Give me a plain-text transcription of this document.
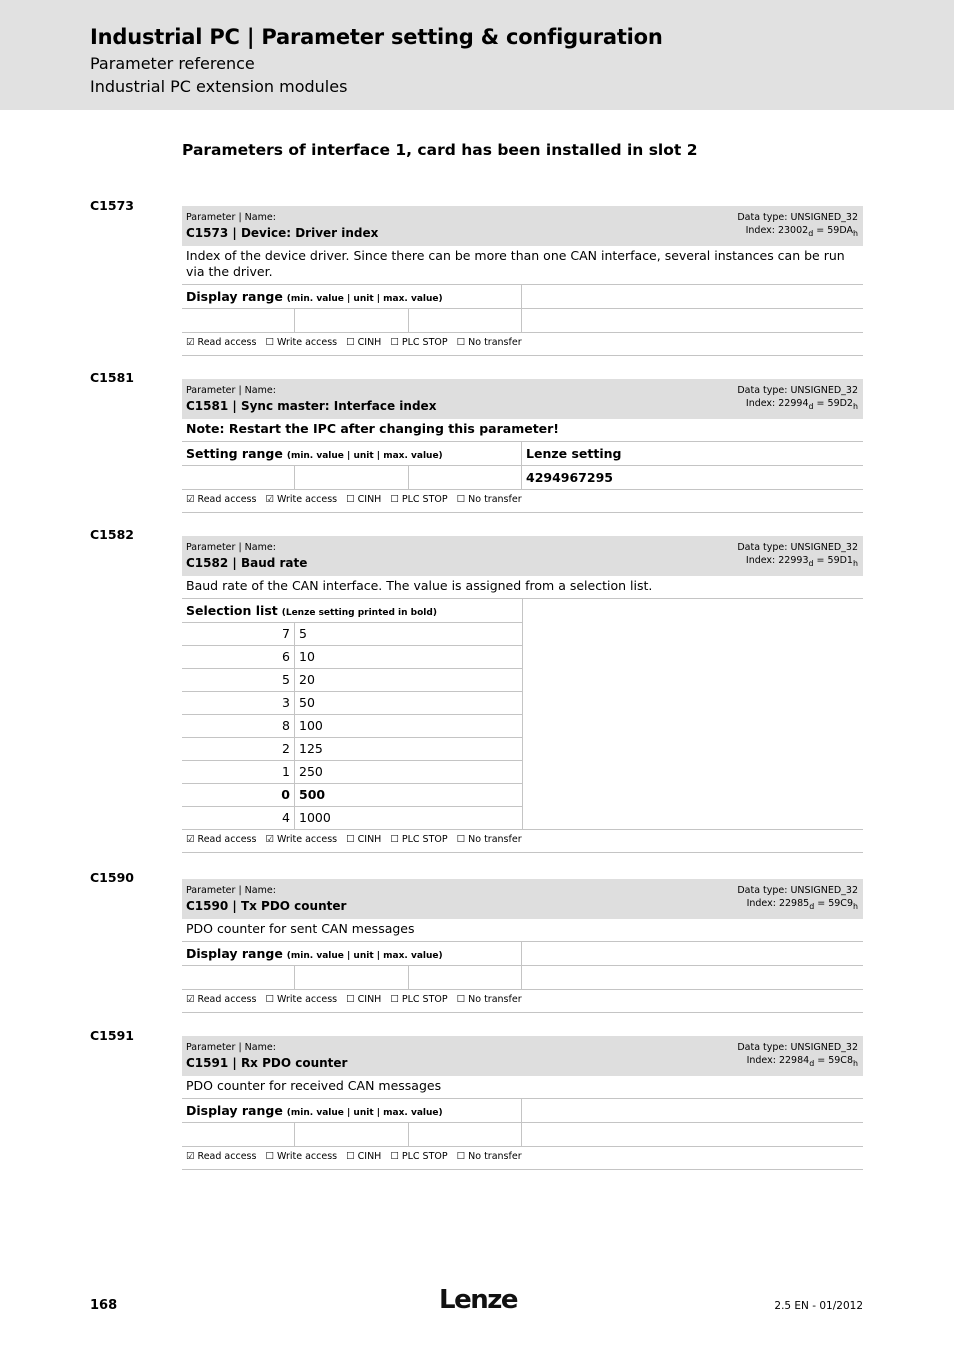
Industrial PC | Parameter setting & configuration
Parameter reference
Industrial PC extension modules
Parameters of interface 1, card has been installed in slot 2
C1573
Parameter | Name:
C1573 | Device: Driver index
Data type: UNSIGNED_32
Index: $23002_d = 59DA_h$
Index of the device driver. Since there can be more than one CAN interface, several instances can be run via the driver.
Display range (min. value | unit | max. value)
☑ Read access ☐ Write access ☐ CINH ☐ PLC STOP ☐ No transfer
C1581
Parameter | Name:
C1581 | Sync master: Interface index
Data type: UNSIGNED_32
Index: $22994_d = 59D2_h$
Note: Restart the IPC after changing this parameter!
Setting range (min. value | unit | max. value)	Lenze setting
4294967295
☑ Read access ☑ Write access ☐ CINH ☐ PLC STOP ☐ No transfer
C1582
Parameter | Name:
C1582 | Baud rate
Data type: UNSIGNED_32
Index: $22993_d = 59D1_h$
Baud rate of the CAN interface. The value is assigned from a selection list.
Selection list (Lenze setting printed in bold)
7 5
6 10
5 20
3 50
8 100
2 125
1 250
0 500
4 1000
☑ Read access ☑ Write access ☐ CINH ☐ PLC STOP ☐ No transfer
C1590
Parameter | Name:
C1590 | Tx PDO counter
Data type: UNSIGNED_32
Index: $22985_d = 59C9_h$
PDO counter for sent CAN messages
Display range (min. value | unit | max. value)
☑ Read access ☐ Write access ☐ CINH ☐ PLC STOP ☐ No transfer
C1591
Parameter | Name:
C1591 | Rx PDO counter
Data type: UNSIGNED_32
Index: $22984_d = 59C8_h$
PDO counter for received CAN messages
Display range (min. value | unit | max. value)
☑ Read access ☐ Write access ☐ CINH ☐ PLC STOP ☐ No transfer
168	Lenze	2.5 EN - 01/2012
